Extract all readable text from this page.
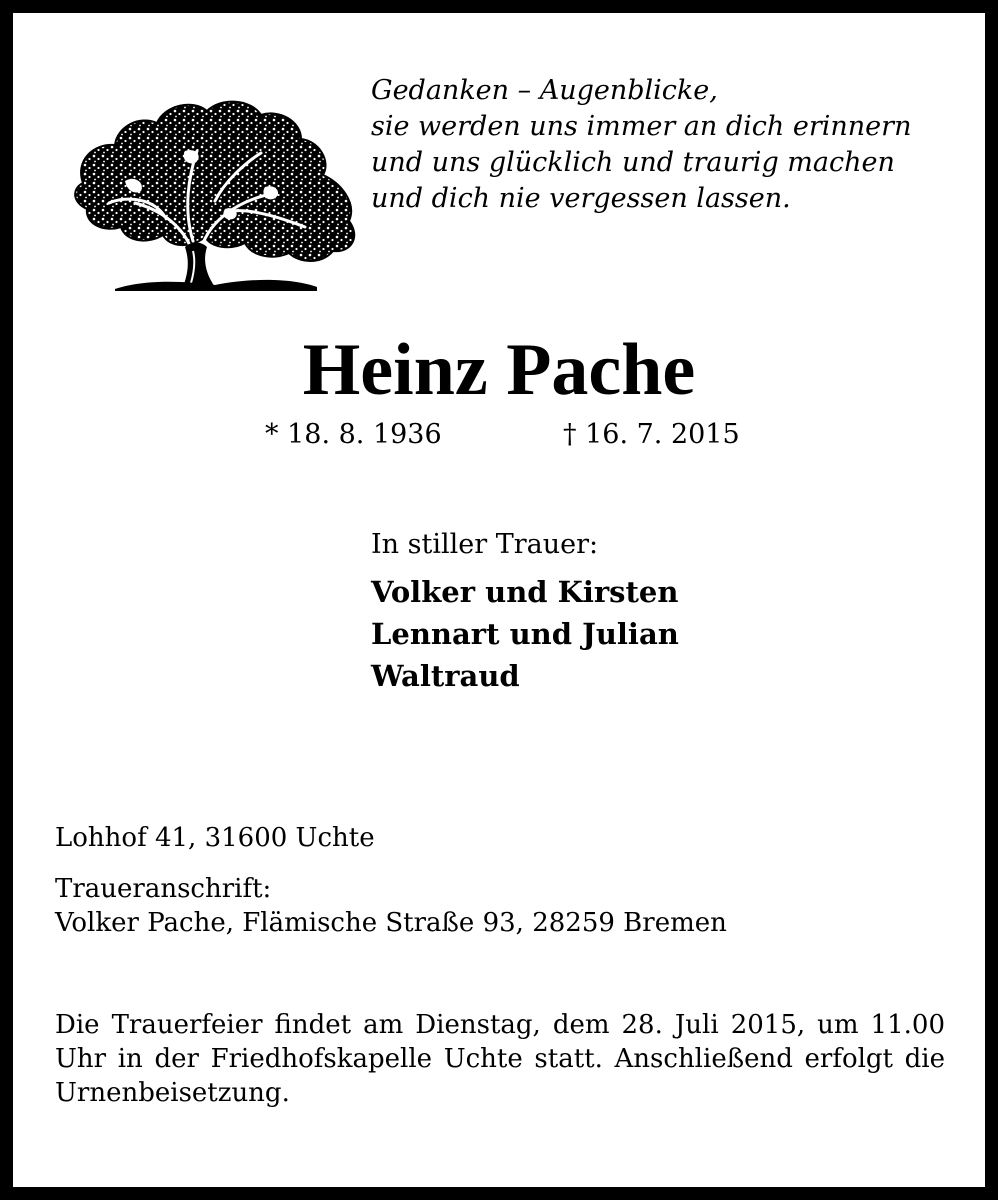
Gedanken – Augenblicke,
sie werden uns immer an dich erinnern
und uns glücklich und traurig machen
und dich nie vergessen lassen.
Heinz Pache
* 18. 8. 1936	† 16. 7. 2015
In stiller Trauer:
Volker und Kirsten
Lennart und Julian
Waltraud
Lohhof 41, 31600 Uchte
Traueranschrift:
Volker Pache, Flämische Straße 93, 28259 Bremen

Die Trauerfeier findet am Dienstag, dem 28. Juli 2015, um 11.00 Uhr in der Friedhofskapelle Uchte statt. Anschließend erfolgt die Urnenbeisetzung.
